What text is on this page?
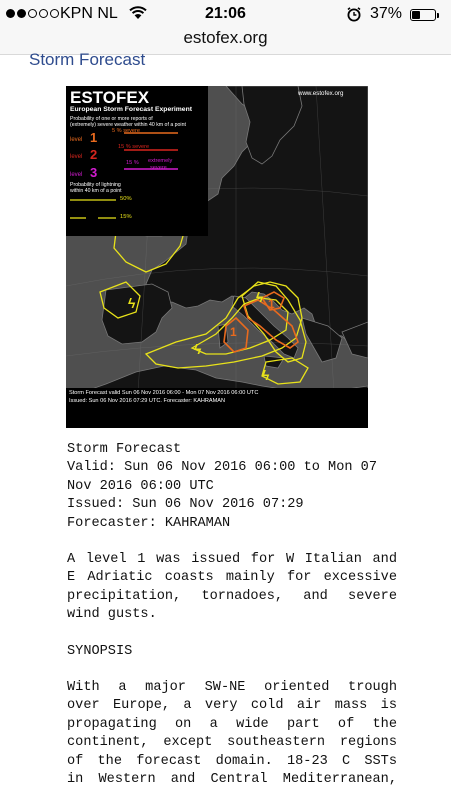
KPN NL	21:06	37%
estofex.org
Storm Forecast
ϟ
ϟ
ϟ
ϟ
1
1
ESTOFEX
European Storm Forecast Experiment
www.estofex.org
Probability of one or more reports of
(extremely) severe weather within 40 km of a point
5 % severe
level 1
15 % severe
level 2
15 % extremely
severe
level 3
Probability of lightning
within 40 km of a point
50%
15%
Storm Forecast valid Sun 06 Nov 2016 06:00 - Mon 07 Nov 2016 06:00 UTC
Issued: Sun 06 Nov 2016 07:29 UTC. Forecaster: KAHRAMAN

Storm Forecast
Valid: Sun 06 Nov 2016 06:00 to Mon 07
Nov 2016 06:00 UTC
Issued: Sun 06 Nov 2016 07:29
Forecaster: KAHRAMAN

A level 1 was issued for W Italian and
E Adriatic coasts mainly for excessive
precipitation, tornadoes, and severe
wind gusts.

SYNOPSIS

With a major SW-NE oriented trough
over Europe, a very cold air mass is
propagating on a wide part of the
continent, except southeastern regions
of the forecast domain. 18-23 C SSTs
in Western and Central Mediterranean,
